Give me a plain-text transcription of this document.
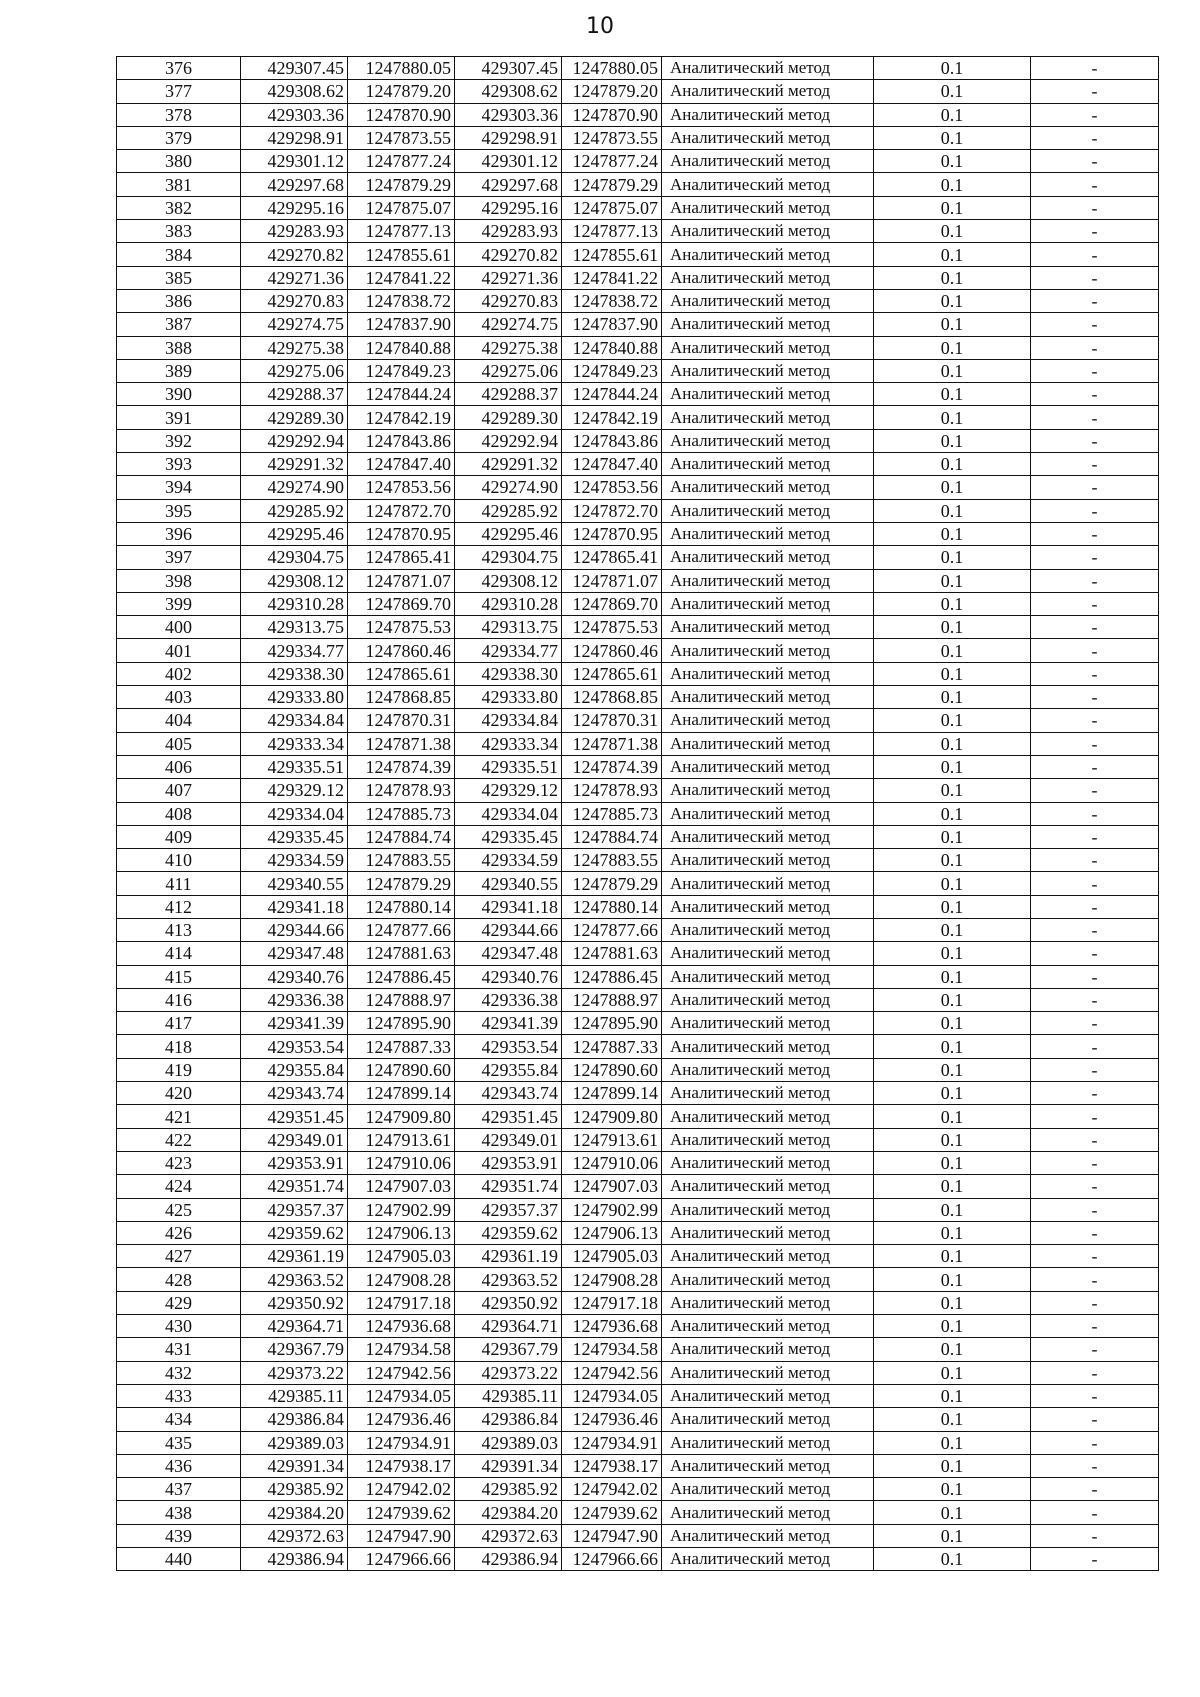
10
376	429307.45	1247880.05	429307.45	1247880.05	Аналитический метод	0.1	-
377	429308.62	1247879.20	429308.62	1247879.20	Аналитический метод	0.1	-
378	429303.36	1247870.90	429303.36	1247870.90	Аналитический метод	0.1	-
379	429298.91	1247873.55	429298.91	1247873.55	Аналитический метод	0.1	-
380	429301.12	1247877.24	429301.12	1247877.24	Аналитический метод	0.1	-
381	429297.68	1247879.29	429297.68	1247879.29	Аналитический метод	0.1	-
382	429295.16	1247875.07	429295.16	1247875.07	Аналитический метод	0.1	-
383	429283.93	1247877.13	429283.93	1247877.13	Аналитический метод	0.1	-
384	429270.82	1247855.61	429270.82	1247855.61	Аналитический метод	0.1	-
385	429271.36	1247841.22	429271.36	1247841.22	Аналитический метод	0.1	-
386	429270.83	1247838.72	429270.83	1247838.72	Аналитический метод	0.1	-
387	429274.75	1247837.90	429274.75	1247837.90	Аналитический метод	0.1	-
388	429275.38	1247840.88	429275.38	1247840.88	Аналитический метод	0.1	-
389	429275.06	1247849.23	429275.06	1247849.23	Аналитический метод	0.1	-
390	429288.37	1247844.24	429288.37	1247844.24	Аналитический метод	0.1	-
391	429289.30	1247842.19	429289.30	1247842.19	Аналитический метод	0.1	-
392	429292.94	1247843.86	429292.94	1247843.86	Аналитический метод	0.1	-
393	429291.32	1247847.40	429291.32	1247847.40	Аналитический метод	0.1	-
394	429274.90	1247853.56	429274.90	1247853.56	Аналитический метод	0.1	-
395	429285.92	1247872.70	429285.92	1247872.70	Аналитический метод	0.1	-
396	429295.46	1247870.95	429295.46	1247870.95	Аналитический метод	0.1	-
397	429304.75	1247865.41	429304.75	1247865.41	Аналитический метод	0.1	-
398	429308.12	1247871.07	429308.12	1247871.07	Аналитический метод	0.1	-
399	429310.28	1247869.70	429310.28	1247869.70	Аналитический метод	0.1	-
400	429313.75	1247875.53	429313.75	1247875.53	Аналитический метод	0.1	-
401	429334.77	1247860.46	429334.77	1247860.46	Аналитический метод	0.1	-
402	429338.30	1247865.61	429338.30	1247865.61	Аналитический метод	0.1	-
403	429333.80	1247868.85	429333.80	1247868.85	Аналитический метод	0.1	-
404	429334.84	1247870.31	429334.84	1247870.31	Аналитический метод	0.1	-
405	429333.34	1247871.38	429333.34	1247871.38	Аналитический метод	0.1	-
406	429335.51	1247874.39	429335.51	1247874.39	Аналитический метод	0.1	-
407	429329.12	1247878.93	429329.12	1247878.93	Аналитический метод	0.1	-
408	429334.04	1247885.73	429334.04	1247885.73	Аналитический метод	0.1	-
409	429335.45	1247884.74	429335.45	1247884.74	Аналитический метод	0.1	-
410	429334.59	1247883.55	429334.59	1247883.55	Аналитический метод	0.1	-
411	429340.55	1247879.29	429340.55	1247879.29	Аналитический метод	0.1	-
412	429341.18	1247880.14	429341.18	1247880.14	Аналитический метод	0.1	-
413	429344.66	1247877.66	429344.66	1247877.66	Аналитический метод	0.1	-
414	429347.48	1247881.63	429347.48	1247881.63	Аналитический метод	0.1	-
415	429340.76	1247886.45	429340.76	1247886.45	Аналитический метод	0.1	-
416	429336.38	1247888.97	429336.38	1247888.97	Аналитический метод	0.1	-
417	429341.39	1247895.90	429341.39	1247895.90	Аналитический метод	0.1	-
418	429353.54	1247887.33	429353.54	1247887.33	Аналитический метод	0.1	-
419	429355.84	1247890.60	429355.84	1247890.60	Аналитический метод	0.1	-
420	429343.74	1247899.14	429343.74	1247899.14	Аналитический метод	0.1	-
421	429351.45	1247909.80	429351.45	1247909.80	Аналитический метод	0.1	-
422	429349.01	1247913.61	429349.01	1247913.61	Аналитический метод	0.1	-
423	429353.91	1247910.06	429353.91	1247910.06	Аналитический метод	0.1	-
424	429351.74	1247907.03	429351.74	1247907.03	Аналитический метод	0.1	-
425	429357.37	1247902.99	429357.37	1247902.99	Аналитический метод	0.1	-
426	429359.62	1247906.13	429359.62	1247906.13	Аналитический метод	0.1	-
427	429361.19	1247905.03	429361.19	1247905.03	Аналитический метод	0.1	-
428	429363.52	1247908.28	429363.52	1247908.28	Аналитический метод	0.1	-
429	429350.92	1247917.18	429350.92	1247917.18	Аналитический метод	0.1	-
430	429364.71	1247936.68	429364.71	1247936.68	Аналитический метод	0.1	-
431	429367.79	1247934.58	429367.79	1247934.58	Аналитический метод	0.1	-
432	429373.22	1247942.56	429373.22	1247942.56	Аналитический метод	0.1	-
433	429385.11	1247934.05	429385.11	1247934.05	Аналитический метод	0.1	-
434	429386.84	1247936.46	429386.84	1247936.46	Аналитический метод	0.1	-
435	429389.03	1247934.91	429389.03	1247934.91	Аналитический метод	0.1	-
436	429391.34	1247938.17	429391.34	1247938.17	Аналитический метод	0.1	-
437	429385.92	1247942.02	429385.92	1247942.02	Аналитический метод	0.1	-
438	429384.20	1247939.62	429384.20	1247939.62	Аналитический метод	0.1	-
439	429372.63	1247947.90	429372.63	1247947.90	Аналитический метод	0.1	-
440	429386.94	1247966.66	429386.94	1247966.66	Аналитический метод	0.1	-
